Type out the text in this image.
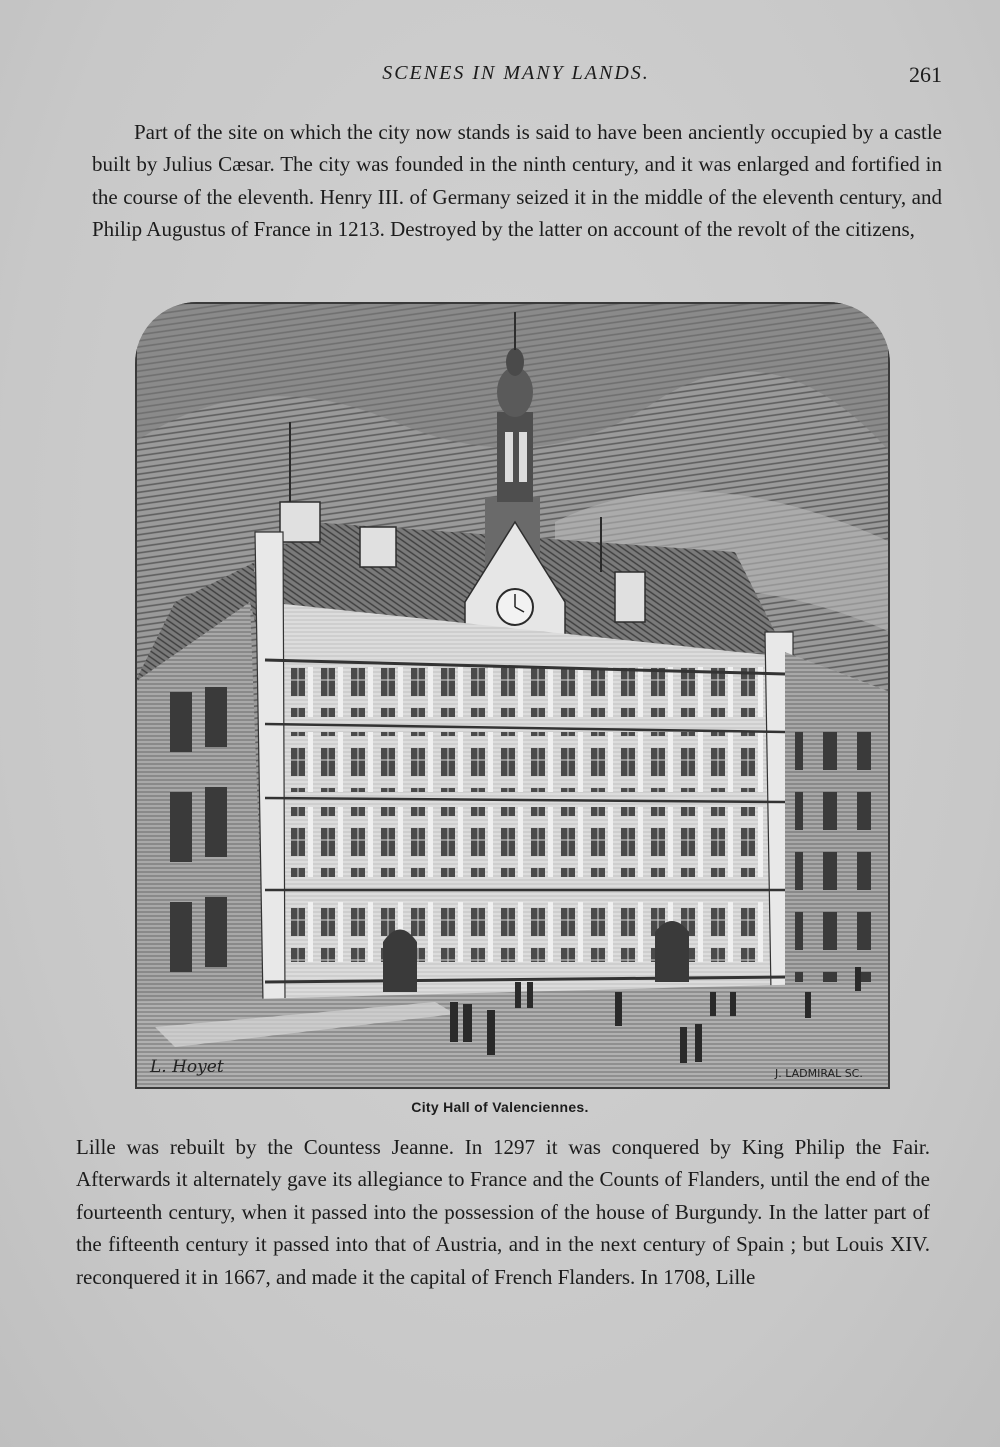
SCENES IN MANY LANDS.	261

Part of the site on which the city now stands is said to have been anciently occupied by a castle built by Julius Cæsar. The city was founded in the ninth century, and it was enlarged and fortified in the course of the eleventh. Henry III. of Germany seized it in the middle of the eleventh century, and Philip Augustus of France in 1213. Destroyed by the latter on account of the revolt of the citizens,

L. Hoyet	J. LADMIRAL SC.
City Hall of Valenciennes.

Lille was rebuilt by the Countess Jeanne. In 1297 it was conquered by King Philip the Fair. Afterwards it alternately gave its allegiance to France and the Counts of Flanders, until the end of the fourteenth century, when it passed into the possession of the house of Burgundy. In the latter part of the fifteenth century it passed into that of Austria, and in the next century of Spain ; but Louis XIV. reconquered it in 1667, and made it the capital of French Flanders. In 1708, Lille
